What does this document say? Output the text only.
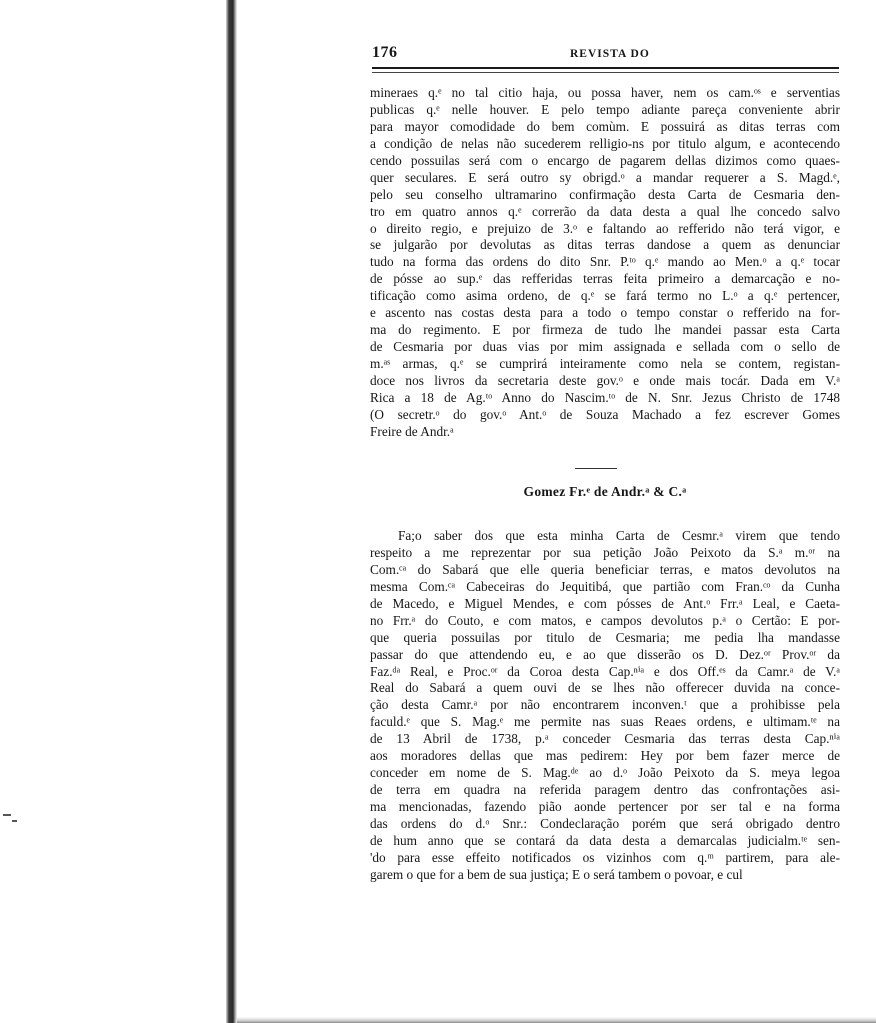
176	REVISTA DO
mineraes q.ᵉ no tal citio haja, ou possa haver, nem os cam.ᵒˢ e serventias
publicas q.ᵉ nelle houver. E pelo tempo adiante pareça conveniente abrir
para mayor comodidade do bem comùm. E possuirá as ditas terras com
a condição de nelas não sucederem relligio-ns por titulo algum, e acontecendo
cendo possuilas será com o encargo de pagarem dellas dizimos como quaes-
quer seculares. E será outro sy obrigd.ᵒ a mandar requerer a S. Magd.ᵉ,
pelo seu conselho ultramarino confirmação desta Carta de Cesmaria den-
tro em quatro annos q.ᵉ correrão da data desta a qual lhe concedo salvo
o direito regio, e prejuizo de 3.ᵒ e faltando ao refferido não terá vigor, e
se julgarão por devolutas as ditas terras dandose a quem as denunciar
tudo na forma das ordens do dito Snr. P.ᵗᵒ q.ᵉ mando ao Men.ᵒ a q.ᵉ tocar
de pósse ao sup.ᵉ das refferidas terras feita primeiro a demarcação e no-
tificação como asima ordeno, de q.ᵉ se fará termo no L.ᵒ a q.ᵉ pertencer,
e ascento nas costas desta para a todo o tempo constar o refferido na for-
ma do regimento. E por firmeza de tudo lhe mandei passar esta Carta
de Cesmaria por duas vias por mim assignada e sellada com o sello de
m.ᵃˢ armas, q.ᵉ se cumprirá inteiramente como nela se contem, registan-
doce nos livros da secretaria deste gov.ᵒ e onde mais tocár. Dada em V.ᵃ
Rica a 18 de Ag.ᵗᵒ Anno do Nascim.ᵗᵒ de N. Snr. Jezus Christo de 1748
(O secretr.ᵒ do gov.ᵒ Ant.ᵒ de Souza Machado a fez escrever Gomes
Freire de Andr.ᵃ
Gomez Fr.ᵉ de Andr.ᵃ & C.ᵃ
Fa;o saber dos que esta minha Carta de Cesmr.ᵃ virem que tendo
respeito a me reprezentar por sua petição João Peixoto da S.ᵃ m.ᵒʳ na
Com.ᶜᵃ do Sabará que elle queria beneficiar terras, e matos devolutos na
mesma Com.ᶜᵃ Cabeceiras do Jequitibá, que partião com Fran.ᶜᵒ da Cunha
de Macedo, e Miguel Mendes, e com pósses de Ant.ᵒ Frr.ᵃ Leal, e Caeta-
no Frr.ᵃ do Couto, e com matos, e campos devolutos p.ᵃ o Certão: E por-
que queria possuilas por titulo de Cesmaria; me pedia lha mandasse
passar do que attendendo eu, e ao que disserão os D. Dez.ᵒʳ Prov.ᵒʳ da
Faz.ᵈᵃ Real, e Proc.ᵒʳ da Coroa desta Cap.ⁿⁱᵃ e dos Off.ᵉˢ da Camr.ᵃ de V.ᵃ
Real do Sabará a quem ouvi de se lhes não offerecer duvida na conce-
ção desta Camr.ᵃ por não encontrarem inconven.ᵗ que a prohibisse pela
faculd.ᵉ que S. Mag.ᵉ me permite nas suas Reaes ordens, e ultimam.ᵗᵉ na
de 13 Abril de 1738, p.ᵃ conceder Cesmaria das terras desta Cap.ⁿⁱᵃ
aos moradores dellas que mas pedirem: Hey por bem fazer merce de
conceder em nome de S. Mag.ᵈᵉ ao d.ᵒ João Peixoto da S. meya legoa
de terra em quadra na referida paragem dentro das confrontações asi-
ma mencionadas, fazendo pião aonde pertencer por ser tal e na forma
das ordens do d.ᵒ Snr.: Condeclaração porém que será obrigado dentro
de hum anno que se contará da data desta a demarcalas judicialm.ᵗᵉ sen-
'do para esse effeito notificados os vizinhos com q.ᵐ partirem, para ale-
garem o que for a bem de sua justiça; E o será tambem o povoar, e cul
